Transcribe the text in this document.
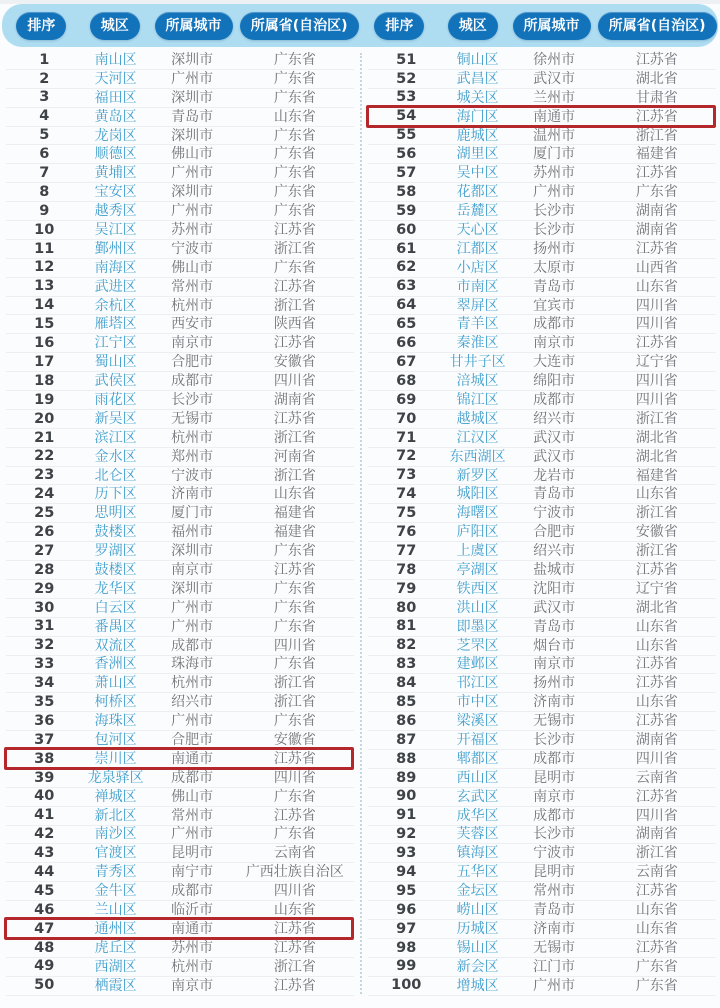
排序	城区	所属城市	所属省(自治区)	排序	城区	所属城市	所属省(自治区)
1	南山区	深圳市	广东省
2	天河区	广州市	广东省
3	福田区	深圳市	广东省
4	黄岛区	青岛市	山东省
5	龙岗区	深圳市	广东省
6	顺德区	佛山市	广东省
7	黄埔区	广州市	广东省
8	宝安区	深圳市	广东省
9	越秀区	广州市	广东省
10	吴江区	苏州市	江苏省
11	鄞州区	宁波市	浙江省
12	南海区	佛山市	广东省
13	武进区	常州市	江苏省
14	余杭区	杭州市	浙江省
15	雁塔区	西安市	陕西省
16	江宁区	南京市	江苏省
17	蜀山区	合肥市	安徽省
18	武侯区	成都市	四川省
19	雨花区	长沙市	湖南省
20	新吴区	无锡市	江苏省
21	滨江区	杭州市	浙江省
22	金水区	郑州市	河南省
23	北仑区	宁波市	浙江省
24	历下区	济南市	山东省
25	思明区	厦门市	福建省
26	鼓楼区	福州市	福建省
27	罗湖区	深圳市	广东省
28	鼓楼区	南京市	江苏省
29	龙华区	深圳市	广东省
30	白云区	广州市	广东省
31	番禺区	广州市	广东省
32	双流区	成都市	四川省
33	香洲区	珠海市	广东省
34	萧山区	杭州市	浙江省
35	柯桥区	绍兴市	浙江省
36	海珠区	广州市	广东省
37	包河区	合肥市	安徽省
38	崇川区	南通市	江苏省
39	龙泉驿区	成都市	四川省
40	禅城区	佛山市	广东省
41	新北区	常州市	江苏省
42	南沙区	广州市	广东省
43	官渡区	昆明市	云南省
44	青秀区	南宁市	广西壮族自治区
45	金牛区	成都市	四川省
46	兰山区	临沂市	山东省
47	通州区	南通市	江苏省
48	虎丘区	苏州市	江苏省
49	西湖区	杭州市	浙江省
50	栖霞区	南京市	江苏省
51	铜山区	徐州市	江苏省
52	武昌区	武汉市	湖北省
53	城关区	兰州市	甘肃省
54	海门区	南通市	江苏省
55	鹿城区	温州市	浙江省
56	湖里区	厦门市	福建省
57	吴中区	苏州市	江苏省
58	花都区	广州市	广东省
59	岳麓区	长沙市	湖南省
60	天心区	长沙市	湖南省
61	江都区	扬州市	江苏省
62	小店区	太原市	山西省
63	市南区	青岛市	山东省
64	翠屏区	宜宾市	四川省
65	青羊区	成都市	四川省
66	秦淮区	南京市	江苏省
67	甘井子区	大连市	辽宁省
68	涪城区	绵阳市	四川省
69	锦江区	成都市	四川省
70	越城区	绍兴市	浙江省
71	江汉区	武汉市	湖北省
72	东西湖区	武汉市	湖北省
73	新罗区	龙岩市	福建省
74	城阳区	青岛市	山东省
75	海曙区	宁波市	浙江省
76	庐阳区	合肥市	安徽省
77	上虞区	绍兴市	浙江省
78	亭湖区	盐城市	江苏省
79	铁西区	沈阳市	辽宁省
80	洪山区	武汉市	湖北省
81	即墨区	青岛市	山东省
82	芝罘区	烟台市	山东省
83	建邺区	南京市	江苏省
84	邗江区	扬州市	江苏省
85	市中区	济南市	山东省
86	梁溪区	无锡市	江苏省
87	开福区	长沙市	湖南省
88	郫都区	成都市	四川省
89	西山区	昆明市	云南省
90	玄武区	南京市	江苏省
91	成华区	成都市	四川省
92	芙蓉区	长沙市	湖南省
93	镇海区	宁波市	浙江省
94	五华区	昆明市	云南省
95	金坛区	常州市	江苏省
96	崂山区	青岛市	山东省
97	历城区	济南市	山东省
98	锡山区	无锡市	江苏省
99	新会区	江门市	广东省
100	增城区	广州市	广东省
